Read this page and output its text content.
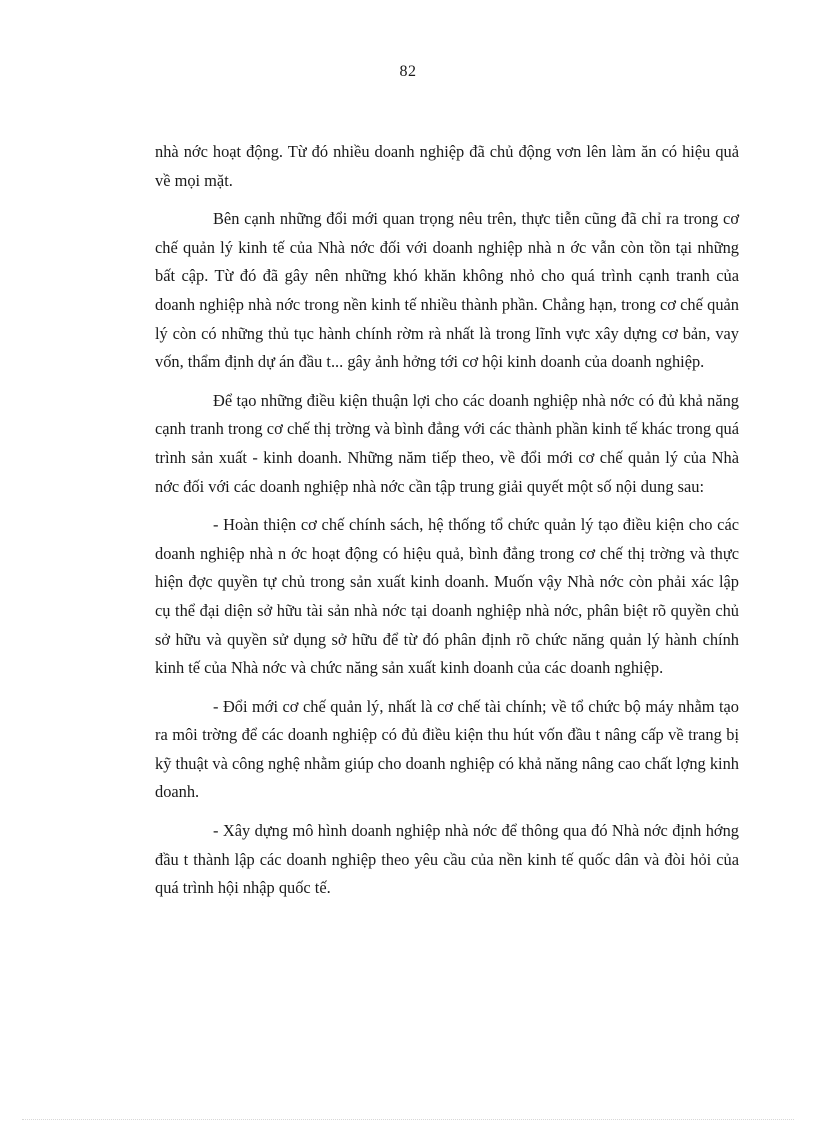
82

nhà nớc hoạt động. Từ đó nhiều doanh nghiệp đã chủ động vơn lên làm ăn có hiệu quả về mọi mặt.

Bên cạnh những đổi mới quan trọng nêu trên, thực tiễn cũng đã chỉ ra trong cơ chế quản lý kinh tế của Nhà nớc đối với doanh nghiệp nhà n ớc vẫn còn tồn tại những bất cập. Từ đó đã gây nên những khó khăn không nhỏ cho quá trình cạnh tranh của doanh nghiệp nhà nớc trong nền kinh tế nhiều thành phần. Chẳng hạn, trong cơ chế quản lý còn có những thủ tục hành chính rờm rà nhất là trong lĩnh vực xây dựng cơ bản, vay vốn, thẩm định dự án đầu t... gây ảnh hởng tới cơ hội kinh doanh của doanh nghiệp.

Để tạo những điều kiện thuận lợi cho các doanh nghiệp nhà nớc có đủ khả năng cạnh tranh trong cơ chế thị trờng và bình đẳng với các thành phần kinh tế khác trong quá trình sản xuất - kinh doanh. Những năm tiếp theo, về đổi mới cơ chế quản lý của Nhà nớc đối với các doanh nghiệp nhà nớc cần tập trung giải quyết một số nội dung sau:

- Hoàn thiện cơ chế chính sách, hệ thống tổ chức quản lý tạo điều kiện cho các doanh nghiệp nhà n ớc hoạt động có hiệu quả, bình đẳng trong cơ chế thị trờng và thực hiện đợc quyền tự chủ trong sản xuất kinh doanh. Muốn vậy Nhà nớc còn phải xác lập cụ thể đại diện sở hữu tài sản nhà nớc tại doanh nghiệp nhà nớc, phân biệt rõ quyền chủ sở hữu và quyền sử dụng sở hữu để từ đó phân định rõ chức năng quản lý hành chính kinh tế của Nhà nớc và chức năng sản xuất kinh doanh của các doanh nghiệp.

- Đổi mới cơ chế quản lý, nhất là cơ chế tài chính; về tổ chức bộ máy nhằm tạo ra môi trờng để các doanh nghiệp có đủ điều kiện thu hút vốn đầu t nâng cấp về trang bị kỹ thuật và công nghệ nhằm giúp cho doanh nghiệp có khả năng nâng cao chất lợng kinh doanh.

- Xây dựng mô hình doanh nghiệp nhà nớc để thông qua đó Nhà nớc định hớng đầu t thành lập các doanh nghiệp theo yêu cầu của nền kinh tế quốc dân và đòi hỏi của quá trình hội nhập quốc tế.
